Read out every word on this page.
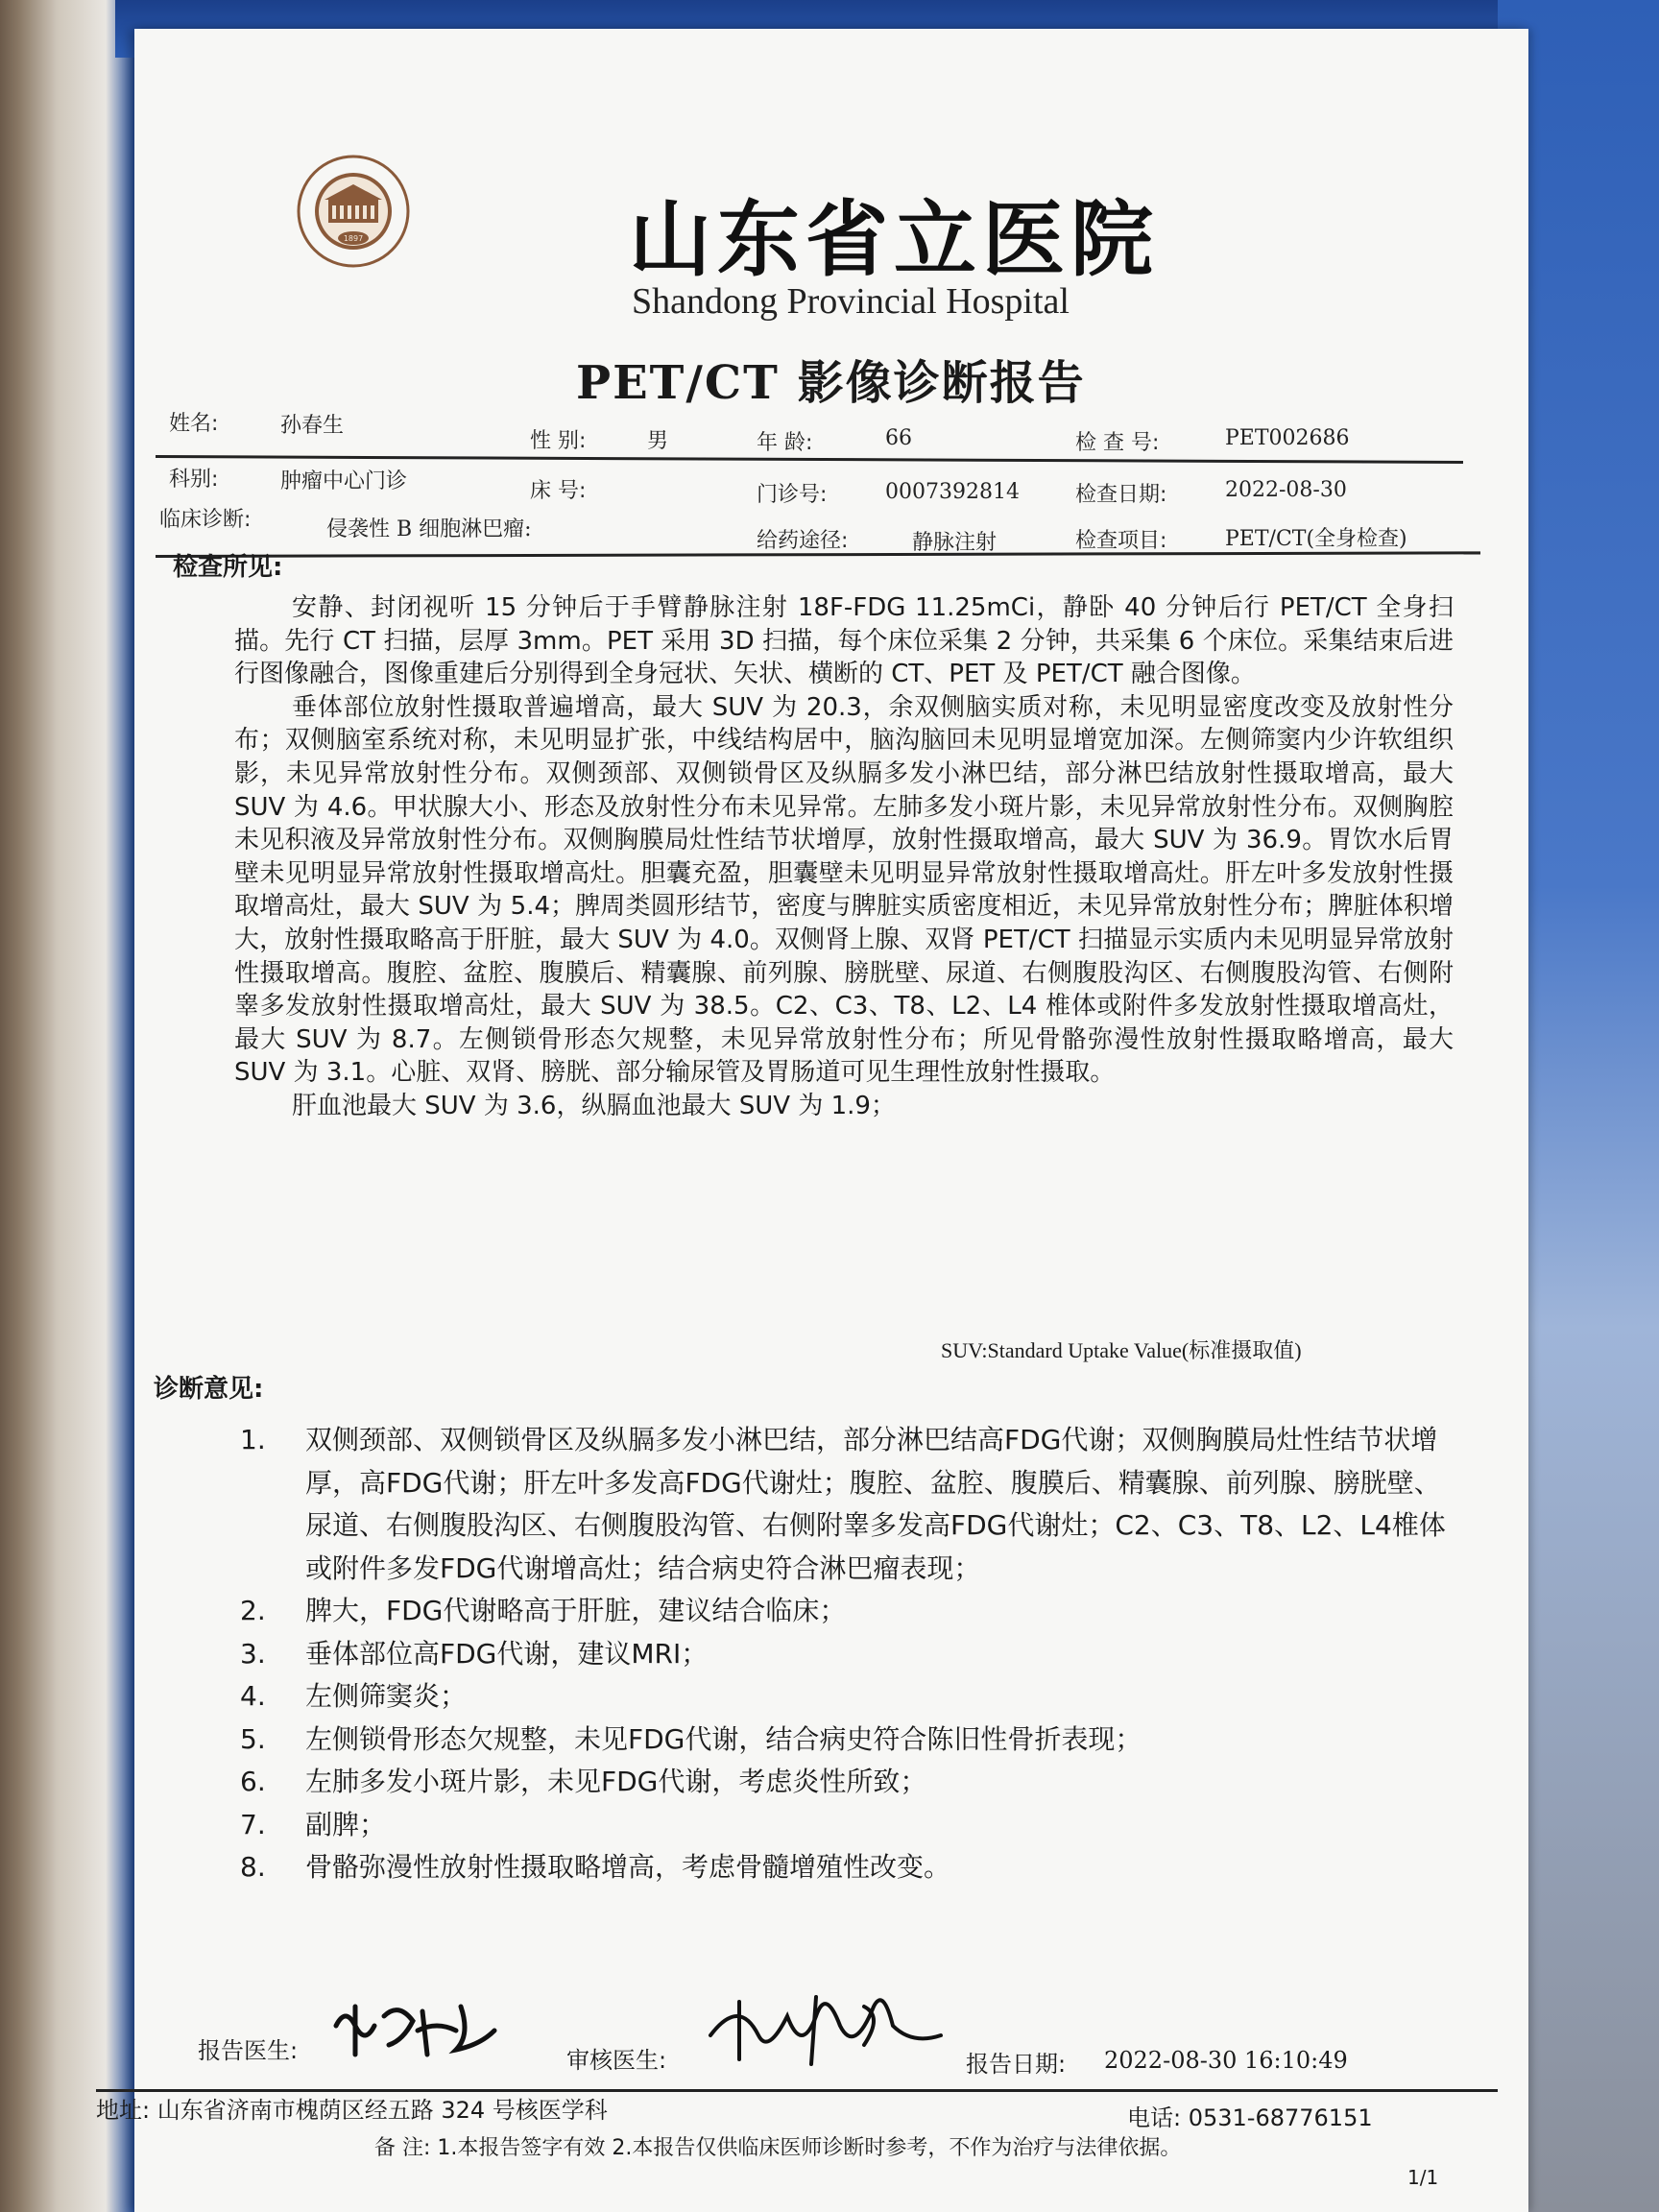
1897	山东省立医院
Shandong Provincial Hospital
PET/CT 影像诊断报告
姓名:	孙春生
性 别:	男	年 龄:	66	检 查 号:	PET002686
科别:	肿瘤中心门诊	床 号:	门诊号:	0007392814	检查日期:	2022-08-30
临床诊断:	侵袭性 B 细胞淋巴瘤:	给药途径:	静脉注射	检查项目:	PET/CT(全身检查)
检查所见:

安静、封闭视听 15 分钟后于手臂静脉注射 18F-FDG 11.25mCi，静卧 40 分钟后行 PET/CT 全身扫描。先行 CT 扫描，层厚 3mm。PET 采用 3D 扫描，每个床位采集 2 分钟，共采集 6 个床位。采集结束后进行图像融合，图像重建后分别得到全身冠状、矢状、横断的 CT、PET 及 PET/CT 融合图像。

垂体部位放射性摄取普遍增高，最大 SUV 为 20.3，余双侧脑实质对称，未见明显密度改变及放射性分布；双侧脑室系统对称，未见明显扩张，中线结构居中，脑沟脑回未见明显增宽加深。左侧筛窦内少许软组织影，未见异常放射性分布。双侧颈部、双侧锁骨区及纵膈多发小淋巴结，部分淋巴结放射性摄取增高，最大 SUV 为 4.6。甲状腺大小、形态及放射性分布未见异常。左肺多发小斑片影，未见异常放射性分布。双侧胸腔未见积液及异常放射性分布。双侧胸膜局灶性结节状增厚，放射性摄取增高，最大 SUV 为 36.9。胃饮水后胃壁未见明显异常放射性摄取增高灶。胆囊充盈，胆囊壁未见明显异常放射性摄取增高灶。肝左叶多发放射性摄取增高灶，最大 SUV 为 5.4；脾周类圆形结节，密度与脾脏实质密度相近，未见异常放射性分布；脾脏体积增大，放射性摄取略高于肝脏，最大 SUV 为 4.0。双侧肾上腺、双肾 PET/CT 扫描显示实质内未见明显异常放射性摄取增高。腹腔、盆腔、腹膜后、精囊腺、前列腺、膀胱壁、尿道、右侧腹股沟区、右侧腹股沟管、右侧附睾多发放射性摄取增高灶，最大 SUV 为 38.5。C2、C3、T8、L2、L4 椎体或附件多发放射性摄取增高灶，最大 SUV 为 8.7。左侧锁骨形态欠规整，未见异常放射性分布；所见骨骼弥漫性放射性摄取略增高，最大 SUV 为 3.1。心脏、双肾、膀胱、部分输尿管及胃肠道可见生理性放射性摄取。

肝血池最大 SUV 为 3.6，纵膈血池最大 SUV 为 1.9；

SUV:Standard Uptake Value(标准摄取值)
诊断意见:
1.	双侧颈部、双侧锁骨区及纵膈多发小淋巴结，部分淋巴结高FDG代谢；双侧胸膜局灶性结节状增厚，高FDG代谢；肝左叶多发高FDG代谢灶；腹腔、盆腔、腹膜后、精囊腺、前列腺、膀胱壁、尿道、右侧腹股沟区、右侧腹股沟管、右侧附睾多发高FDG代谢灶；C2、C3、T8、L2、L4椎体或附件多发FDG代谢增高灶；结合病史符合淋巴瘤表现；
2.	脾大，FDG代谢略高于肝脏，建议结合临床；
3.	垂体部位高FDG代谢，建议MRI；
4.	左侧筛窦炎；
5.	左侧锁骨形态欠规整，未见FDG代谢，结合病史符合陈旧性骨折表现；
6.	左肺多发小斑片影，未见FDG代谢，考虑炎性所致；
7.	副脾；
8.	骨骼弥漫性放射性摄取略增高，考虑骨髓增殖性改变。
报告医生:	审核医生:	报告日期: 2022-08-30 16:10:49
地址: 山东省济南市槐荫区经五路 324 号核医学科	电话: 0531-68776151
备 注: 1.本报告签字有效 2.本报告仅供临床医师诊断时参考，不作为治疗与法律依据。
1/1
